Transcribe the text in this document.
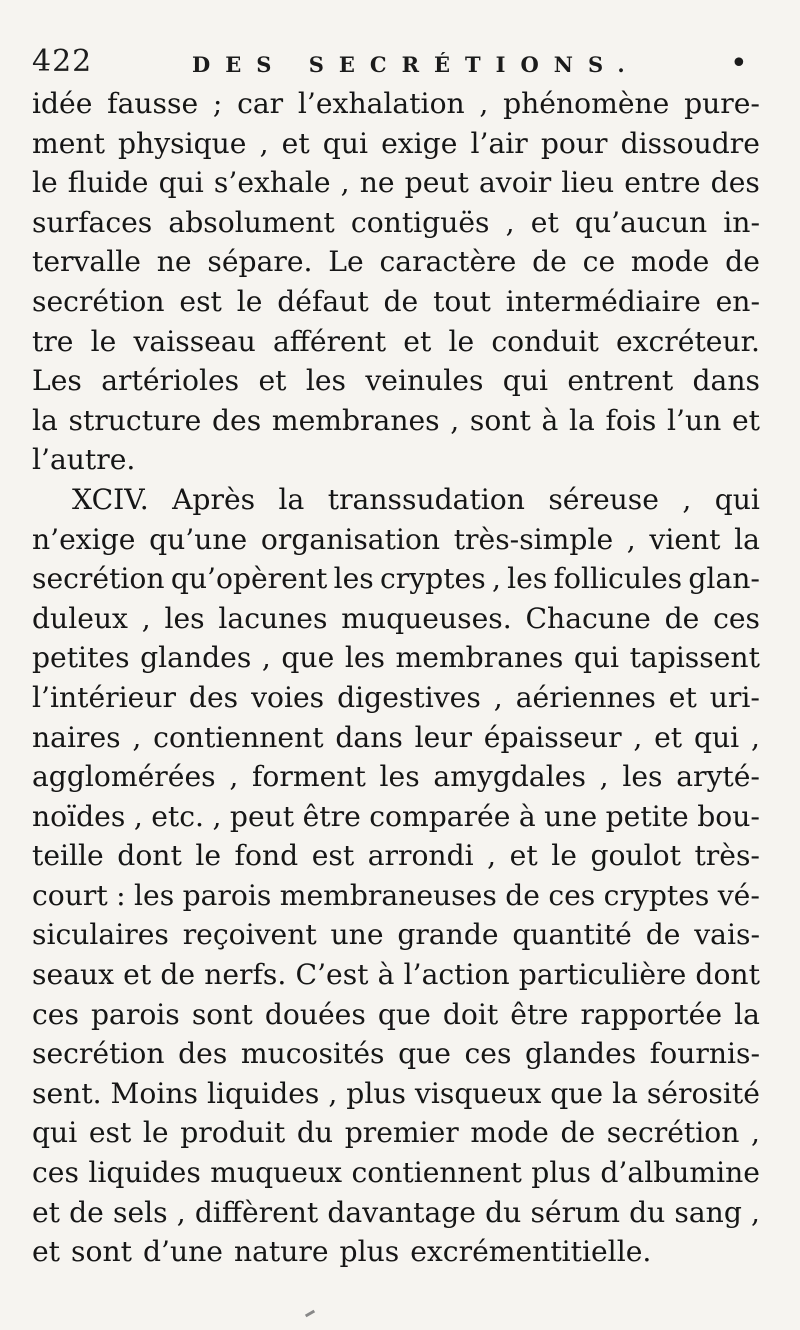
422	DES SECRÉTIONS.	•
idée fausse ; car l’exhalation , phénomène pure-
ment physique , et qui exige l’air pour dissoudre
le fluide qui s’exhale , ne peut avoir lieu entre des
surfaces absolument contiguës , et qu’aucun in-
tervalle ne sépare. Le caractère de ce mode de
secrétion est le défaut de tout intermédiaire en-
tre le vaisseau afférent et le conduit excréteur.
Les artérioles et les veinules qui entrent dans
la structure des membranes , sont à la fois l’un et
l’autre.
XCIV. Après la transsudation séreuse , qui
n’exige qu’une organisation très-simple , vient la
secrétion qu’opèrent les cryptes , les follicules glan-
duleux , les lacunes muqueuses. Chacune de ces
petites glandes , que les membranes qui tapissent
l’intérieur des voies digestives , aériennes et uri-
naires , contiennent dans leur épaisseur , et qui ,
agglomérées , forment les amygdales , les aryté-
noïdes , etc. , peut être comparée à une petite bou-
teille dont le fond est arrondi , et le goulot très-
court : les parois membraneuses de ces cryptes vé-
siculaires reçoivent une grande quantité de vais-
seaux et de nerfs. C’est à l’action particulière dont
ces parois sont douées que doit être rapportée la
secrétion des mucosités que ces glandes fournis-
sent. Moins liquides , plus visqueux que la sérosité
qui est le produit du premier mode de secrétion ,
ces liquides muqueux contiennent plus d’albumine
et de sels , diffèrent davantage du sérum du sang ,
et sont d’une nature plus excrémentitielle.
